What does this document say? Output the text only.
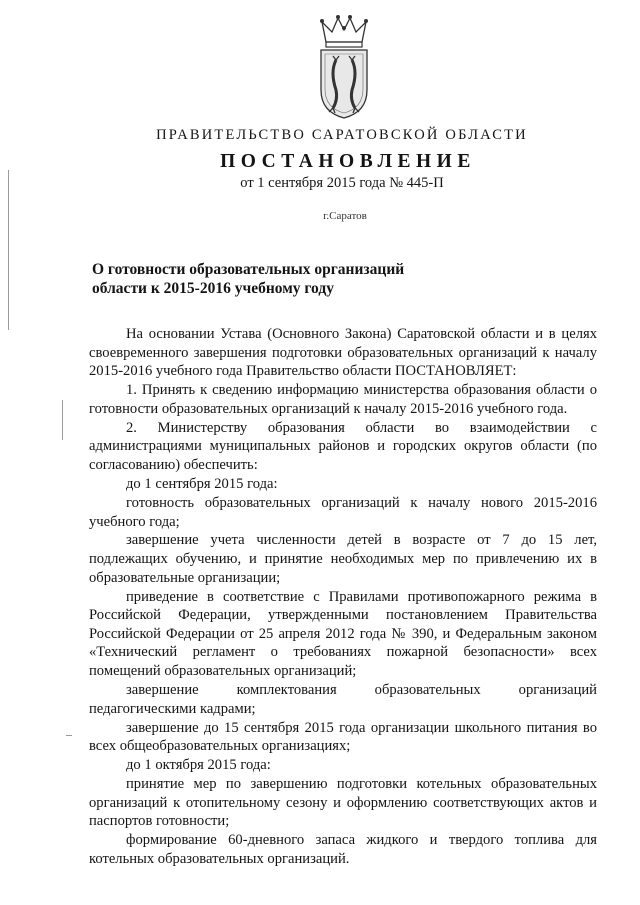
ПРАВИТЕЛЬСТВО САРАТОВСКОЙ ОБЛАСТИ
ПОСТАНОВЛЕНИЕ
от 1 сентября 2015 года № 445-П
г.Саратов
О готовности образовательных организаций
области к 2015-2016 учебному году

На основании Устава (Основного Закона) Саратовской области и в целях своевременного завершения подготовки образовательных организаций к началу 2015-2016 учебного года Правительство области ПОСТАНОВЛЯЕТ:

1. Принять к сведению информацию министерства образования области о готовности образовательных организаций к началу 2015-2016 учебного года.

2. Министерству образования области во взаимодействии с администрациями муниципальных районов и городских округов области (по согласованию) обеспечить:

до 1 сентября 2015 года:

готовность образовательных организаций к началу нового 2015-2016 учебного года;

завершение учета численности детей в возрасте от 7 до 15 лет, подлежащих обучению, и принятие необходимых мер по привлечению их в образовательные организации;

приведение в соответствие с Правилами противопожарного режима в Российской Федерации, утвержденными постановлением Правительства Российской Федерации от 25 апреля 2012 года № 390, и Федеральным законом «Технический регламент о требованиях пожарной безопасности» всех помещений образовательных организаций;

завершение комплектования образовательных организаций педагогическими кадрами;

завершение до 15 сентября 2015 года организации школьного питания во всех общеобразовательных организациях;

до 1 октября 2015 года:

принятие мер по завершению подготовки котельных образовательных организаций к отопительному сезону и оформлению соответствующих актов и паспортов готовности;

формирование 60-дневного запаса жидкого и твердого топлива для котельных образовательных организаций.
